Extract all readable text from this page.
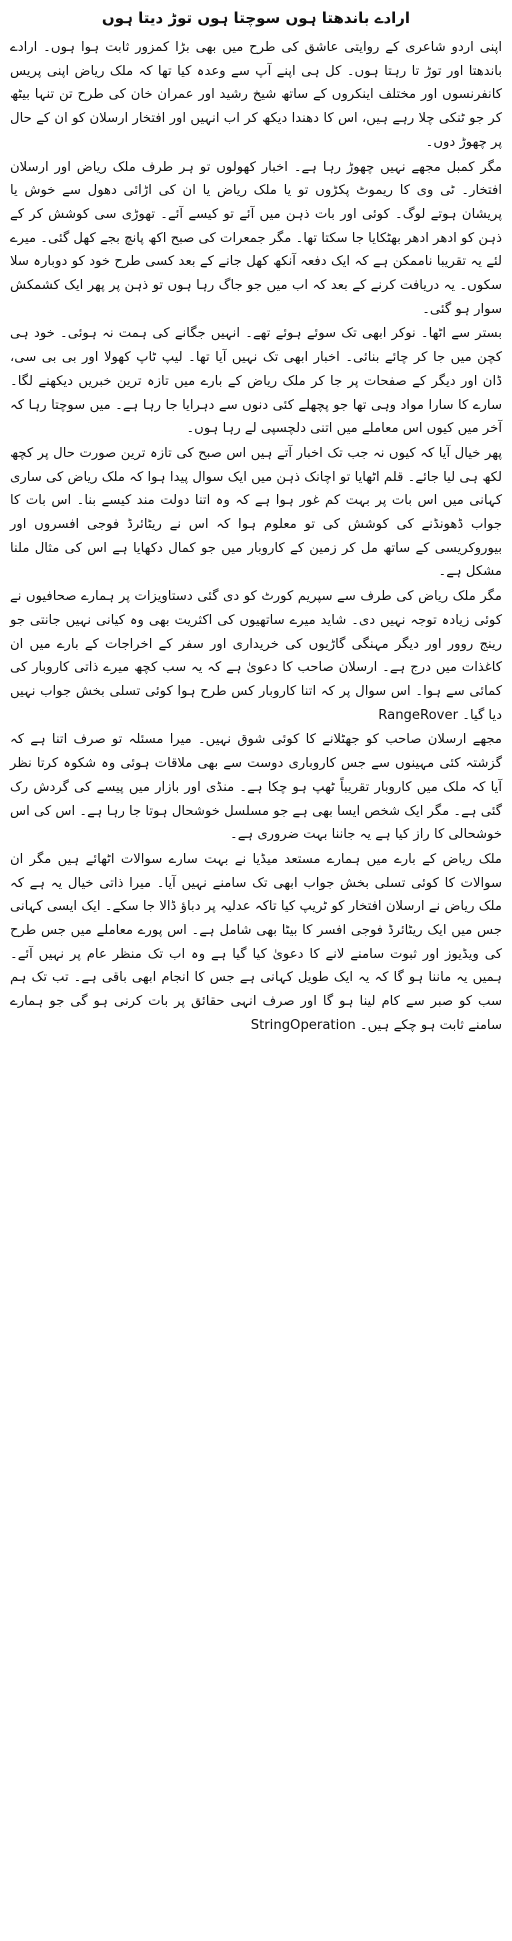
ارادے باندھتا ہوں سوچتا ہوں توڑ دیتا ہوں

اپنی اردو شاعری کے روایتی عاشق کی طرح میں بھی بڑا کمزور ثابت ہوا ہوں۔ ارادے باندھتا اور توڑ تا رہتا ہوں۔ کل ہی اپنے آپ سے وعدہ کیا تھا کہ ملک ریاض اپنی پریس کانفرنسوں اور مختلف اینکروں کے ساتھ شیخ رشید اور عمران خان کی طرح تن تنہا بیٹھ کر جو ٹنکی چلا رہے ہیں، اس کا دھندا دیکھ کر اب انہیں اور افتخار ارسلان کو ان کے حال پر چھوڑ دوں۔

مگر کمبل مجھے نہیں چھوڑ رہا ہے۔ اخبار کھولوں تو ہر طرف ملک ریاض اور ارسلان افتخار۔ ٹی وی کا ریموٹ پکڑوں تو یا ملک ریاض یا ان کی اڑائی دھول سے خوش یا پریشان ہوتے لوگ۔ کوئی اور بات ذہن میں آئے تو کیسے آئے۔ تھوڑی سی کوشش کر کے ذہن کو ادھر ادھر بھٹکایا جا سکتا تھا۔ مگر جمعرات کی صبح اکھ پانچ بجے کھل گئی۔ میرے لئے یہ تقریبا ناممکن ہے کہ ایک دفعہ آنکھ کھل جانے کے بعد کسی طرح خود کو دوبارہ سلا سکوں۔ یہ دریافت کرنے کے بعد کہ اب میں جو جاگ رہا ہوں تو ذہن پر پھر ایک کشمکش سوار ہو گئی۔

بستر سے اٹھا۔ نوکر ابھی تک سوئے ہوئے تھے۔ انہیں جگانے کی ہمت نہ ہوئی۔ خود ہی کچن میں جا کر چائے بنائی۔ اخبار ابھی تک نہیں آیا تھا۔ لیپ ٹاپ کھولا اور بی بی سی، ڈان اور دیگر کے صفحات پر جا کر ملک ریاض کے بارے میں تازہ ترین خبریں دیکھنے لگا۔ سارے کا سارا مواد وہی تھا جو پچھلے کئی دنوں سے دہرایا جا رہا ہے۔ میں سوچتا رہا کہ آخر میں کیوں اس معاملے میں اتنی دلچسپی لے رہا ہوں۔

پھر خیال آیا کہ کیوں نہ جب تک اخبار آتے ہیں اس صبح کی تازہ ترین صورت حال پر کچھ لکھ ہی لیا جائے۔ قلم اٹھایا تو اچانک ذہن میں ایک سوال پیدا ہوا کہ ملک ریاض کی ساری کہانی میں اس بات پر بہت کم غور ہوا ہے کہ وہ اتنا دولت مند کیسے بنا۔ اس بات کا جواب ڈھونڈنے کی کوشش کی تو معلوم ہوا کہ اس نے ریٹائرڈ فوجی افسروں اور بیوروکریسی کے ساتھ مل کر زمین کے کاروبار میں جو کمال دکھایا ہے اس کی مثال ملنا مشکل ہے۔

مگر ملک ریاض کی طرف سے سپریم کورٹ کو دی گئی دستاویزات پر ہمارے صحافیوں نے کوئی زیادہ توجہ نہیں دی۔ شاید میرے ساتھیوں کی اکثریت بھی وہ کیانی نہیں جانتی جو رینج روور اور دیگر مہنگی گاڑیوں کی خریداری اور سفر کے اخراجات کے بارے میں ان کاغذات میں درج ہے۔ ارسلان صاحب کا دعویٰ ہے کہ یہ سب کچھ میرے ذاتی کاروبار کی کمائی سے ہوا۔ اس سوال پر کہ اتنا کاروبار کس طرح ہوا کوئی تسلی بخش جواب نہیں دیا گیا۔ RangeRover

مجھے ارسلان صاحب کو جھٹلانے کا کوئی شوق نہیں۔ میرا مسئلہ تو صرف اتنا ہے کہ گزشتہ کئی مہینوں سے جس کاروباری دوست سے بھی ملاقات ہوئی وہ شکوہ کرتا نظر آیا کہ ملک میں کاروبار تقریباً ٹھپ ہو چکا ہے۔ منڈی اور بازار میں پیسے کی گردش رک گئی ہے۔ مگر ایک شخص ایسا بھی ہے جو مسلسل خوشحال ہوتا جا رہا ہے۔ اس کی اس خوشحالی کا راز کیا ہے یہ جاننا بہت ضروری ہے۔

ملک ریاض کے بارے میں ہمارے مستعد میڈیا نے بہت سارے سوالات اٹھائے ہیں مگر ان سوالات کا کوئی تسلی بخش جواب ابھی تک سامنے نہیں آیا۔ میرا ذاتی خیال یہ ہے کہ ملک ریاض نے ارسلان افتخار کو ٹریپ کیا تاکہ عدلیہ پر دباؤ ڈالا جا سکے۔ ایک ایسی کہانی جس میں ایک ریٹائرڈ فوجی افسر کا بیٹا بھی شامل ہے۔ اس پورے معاملے میں جس طرح کی ویڈیوز اور ثبوت سامنے لانے کا دعویٰ کیا گیا ہے وہ اب تک منظر عام پر نہیں آئے۔ ہمیں یہ ماننا ہو گا کہ یہ ایک طویل کہانی ہے جس کا انجام ابھی باقی ہے۔ تب تک ہم سب کو صبر سے کام لینا ہو گا اور صرف انہی حقائق پر بات کرنی ہو گی جو ہمارے سامنے ثابت ہو چکے ہیں۔ StringOperation
